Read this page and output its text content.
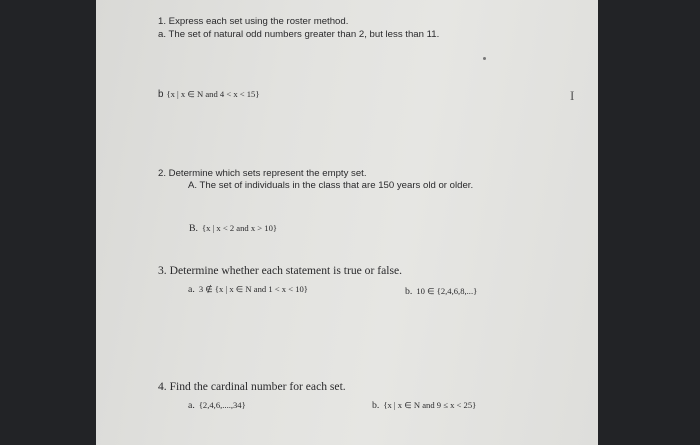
1. Express each set using the roster method.

a. The set of natural odd numbers greater than 2, but less than 11.

b {x | x ∈ N and 4 < x < 15}

2. Determine which sets represent the empty set.

A. The set of individuals in the class that are 150 years old or older.

B. {x | x < 2 and x > 10}

3. Determine whether each statement is true or false.

a. 3 ∉ {x | x ∈ N and 1 < x < 10}	b. 10 ∈ {2,4,6,8,...}

4. Find the cardinal number for each set.

a. {2,4,6,....,34}	b. {x | x ∈ N and 9 ≤ x < 25}

I
